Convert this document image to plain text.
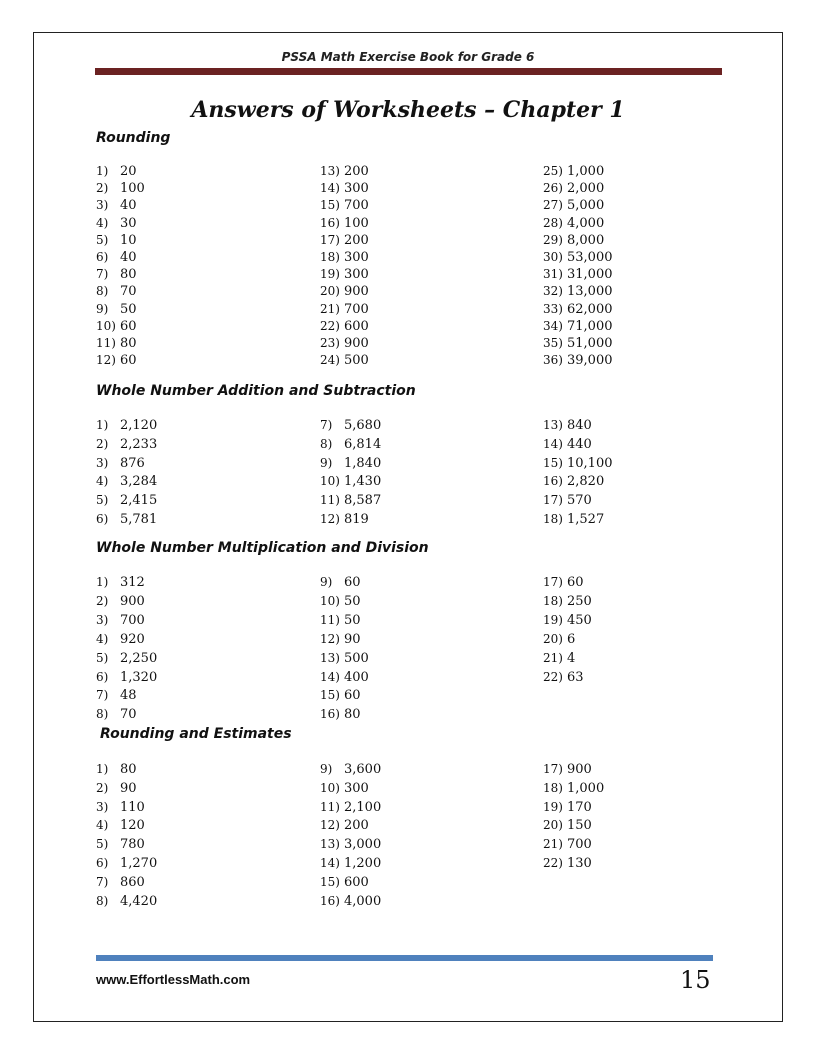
PSSA Math Exercise Book for Grade 6
Answers of Worksheets – Chapter 1
Rounding
1) 20
2) 100
3) 40
4) 30
5) 10
6) 40
7) 80
8) 70
9) 50
10) 60
11) 80
12) 60
13) 200
14) 300
15) 700
16) 100
17) 200
18) 300
19) 300
20) 900
21) 700
22) 600
23) 900
24) 500
25) 1,000
26) 2,000
27) 5,000
28) 4,000
29) 8,000
30) 53,000
31) 31,000
32) 13,000
33) 62,000
34) 71,000
35) 51,000
36) 39,000
Whole Number Addition and Subtraction
1) 2,120
2) 2,233
3) 876
4) 3,284
5) 2,415
6) 5,781
7) 5,680
8) 6,814
9) 1,840
10) 1,430
11) 8,587
12) 819
13) 840
14) 440
15) 10,100
16) 2,820
17) 570
18) 1,527
Whole Number Multiplication and Division
1) 312
2) 900
3) 700
4) 920
5) 2,250
6) 1,320
7) 48
8) 70
9) 60
10) 50
11) 50
12) 90
13) 500
14) 400
15) 60
16) 80
17) 60
18) 250
19) 450
20) 6
21) 4
22) 63
Rounding and Estimates
1) 80
2) 90
3) 110
4) 120
5) 780
6) 1,270
7) 860
8) 4,420
9) 3,600
10) 300
11) 2,100
12) 200
13) 3,000
14) 1,200
15) 600
16) 4,000
17) 900
18) 1,000
19) 170
20) 150
21) 700
22) 130
www.EffortlessMath.com	15
